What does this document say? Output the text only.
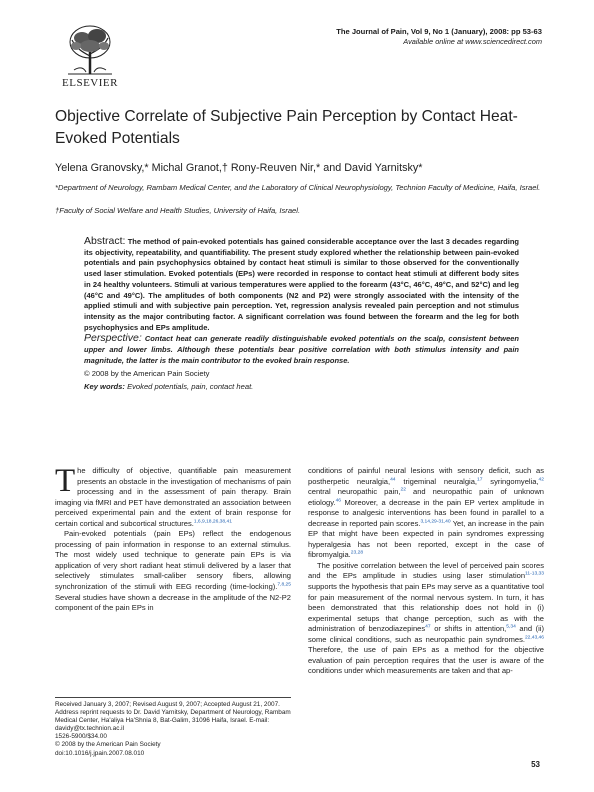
ELSEVIER
The Journal of Pain, Vol 9, No 1 (January), 2008: pp 53-63
Available online at www.sciencedirect.com
Objective Correlate of Subjective Pain Perception by Contact Heat-Evoked Potentials
Yelena Granovsky,* Michal Granot,† Rony-Reuven Nir,* and David Yarnitsky*
*Department of Neurology, Rambam Medical Center, and the Laboratory of Clinical Neurophysiology, Technion Faculty of Medicine, Haifa, Israel.
†Faculty of Social Welfare and Health Studies, University of Haifa, Israel.

Abstract: The method of pain-evoked potentials has gained considerable acceptance over the last 3 decades regarding its objectivity, repeatability, and quantifiability. The present study explored whether the relationship between pain-evoked potentials and pain psychophysics obtained by contact heat stimuli is similar to those observed for the conventionally used laser stimulation. Evoked potentials (EPs) were recorded in response to contact heat stimuli at different body sites in 24 healthy volunteers. Stimuli at various temperatures were applied to the forearm (43°C, 46°C, 49°C, and 52°C) and leg (46°C and 49°C). The amplitudes of both components (N2 and P2) were strongly associated with the intensity of the applied stimuli and with subjective pain perception. Yet, regression analysis revealed pain perception and not stimulus intensity as the major contributing factor. A significant correlation was found between the forearm and the leg for both psychophysics and EPs amplitude.

Perspective: Contact heat can generate readily distinguishable evoked potentials on the scalp, consistent between upper and lower limbs. Although these potentials bear positive correlation with both stimulus intensity and pain magnitude, the latter is the main contributor to the evoked brain response.

© 2008 by the American Pain Society

Key words: Evoked potentials, pain, contact heat.

The difficulty of objective, quantifiable pain measurement presents an obstacle in the investigation of mechanisms of pain processing and in the assessment of pain therapy. Brain imaging via fMRI and PET have demonstrated an association between perceived experimental pain and the extent of brain response for certain cortical and subcortical structures.$^{1,6,9,18,26,38,41}$

Pain-evoked potentials (pain EPs) reflect the endogenous processing of pain information in response to an external stimulus. The most widely used technique to generate pain EPs is via application of very short radiant heat stimuli delivered by a laser that selectively stimulates small-caliber sensory fibers, allowing synchronization of the stimuli with EEG recording (time-locking).$^{7,8,25}$ Several studies have shown a decrease in the amplitude of the N2-P2 component of the pain EPs in

conditions of painful neural lesions with sensory deficit, such as postherpetic neuralgia,$^{44}$ trigeminal neuralgia,$^{17}$ syringomyelia,$^{42}$ central neuropathic pain,$^{22}$ and neuropathic pain of unknown etiology.$^{46}$ Moreover, a decrease in the pain EP vertex amplitude in response to analgesic interventions has been found in parallel to a decrease in reported pain scores.$^{3,14,29-31,40}$ Yet, an increase in the pain EP that might have been expected in pain syndromes expressing hyperalgesia has not been reported, except in the case of fibromyalgia.$^{23,28}$

The positive correlation between the level of perceived pain scores and the EPs amplitude in studies using laser stimulation$^{11-13,33}$ supports the hypothesis that pain EPs may serve as a quantitative tool for pain measurement of the normal nervous system. In turn, it has been demonstrated that this relationship does not hold in (i) experimental setups that change perception, such as with the administration of benzodiazepines$^{47}$ or shifts in attention,$^{5,34}$ and (ii) some clinical conditions, such as neuropathic pain syndromes.$^{22,43,46}$ Therefore, the use of pain EPs as a method for the objective evaluation of pain perception requires that the user is aware of the conditions under which measurements are taken and that ap-

Received January 3, 2007; Revised August 9, 2007; Accepted August 21, 2007.

Address reprint requests to Dr. David Yarnitsky, Department of Neurology, Rambam Medical Center, Ha'aliya Ha'Shnia 8, Bat-Galim, 31096 Haifa, Israel. E-mail: davidy@tx.technion.ac.il

1526-5900/$34.00

© 2008 by the American Pain Society

doi:10.1016/j.jpain.2007.08.010

53
